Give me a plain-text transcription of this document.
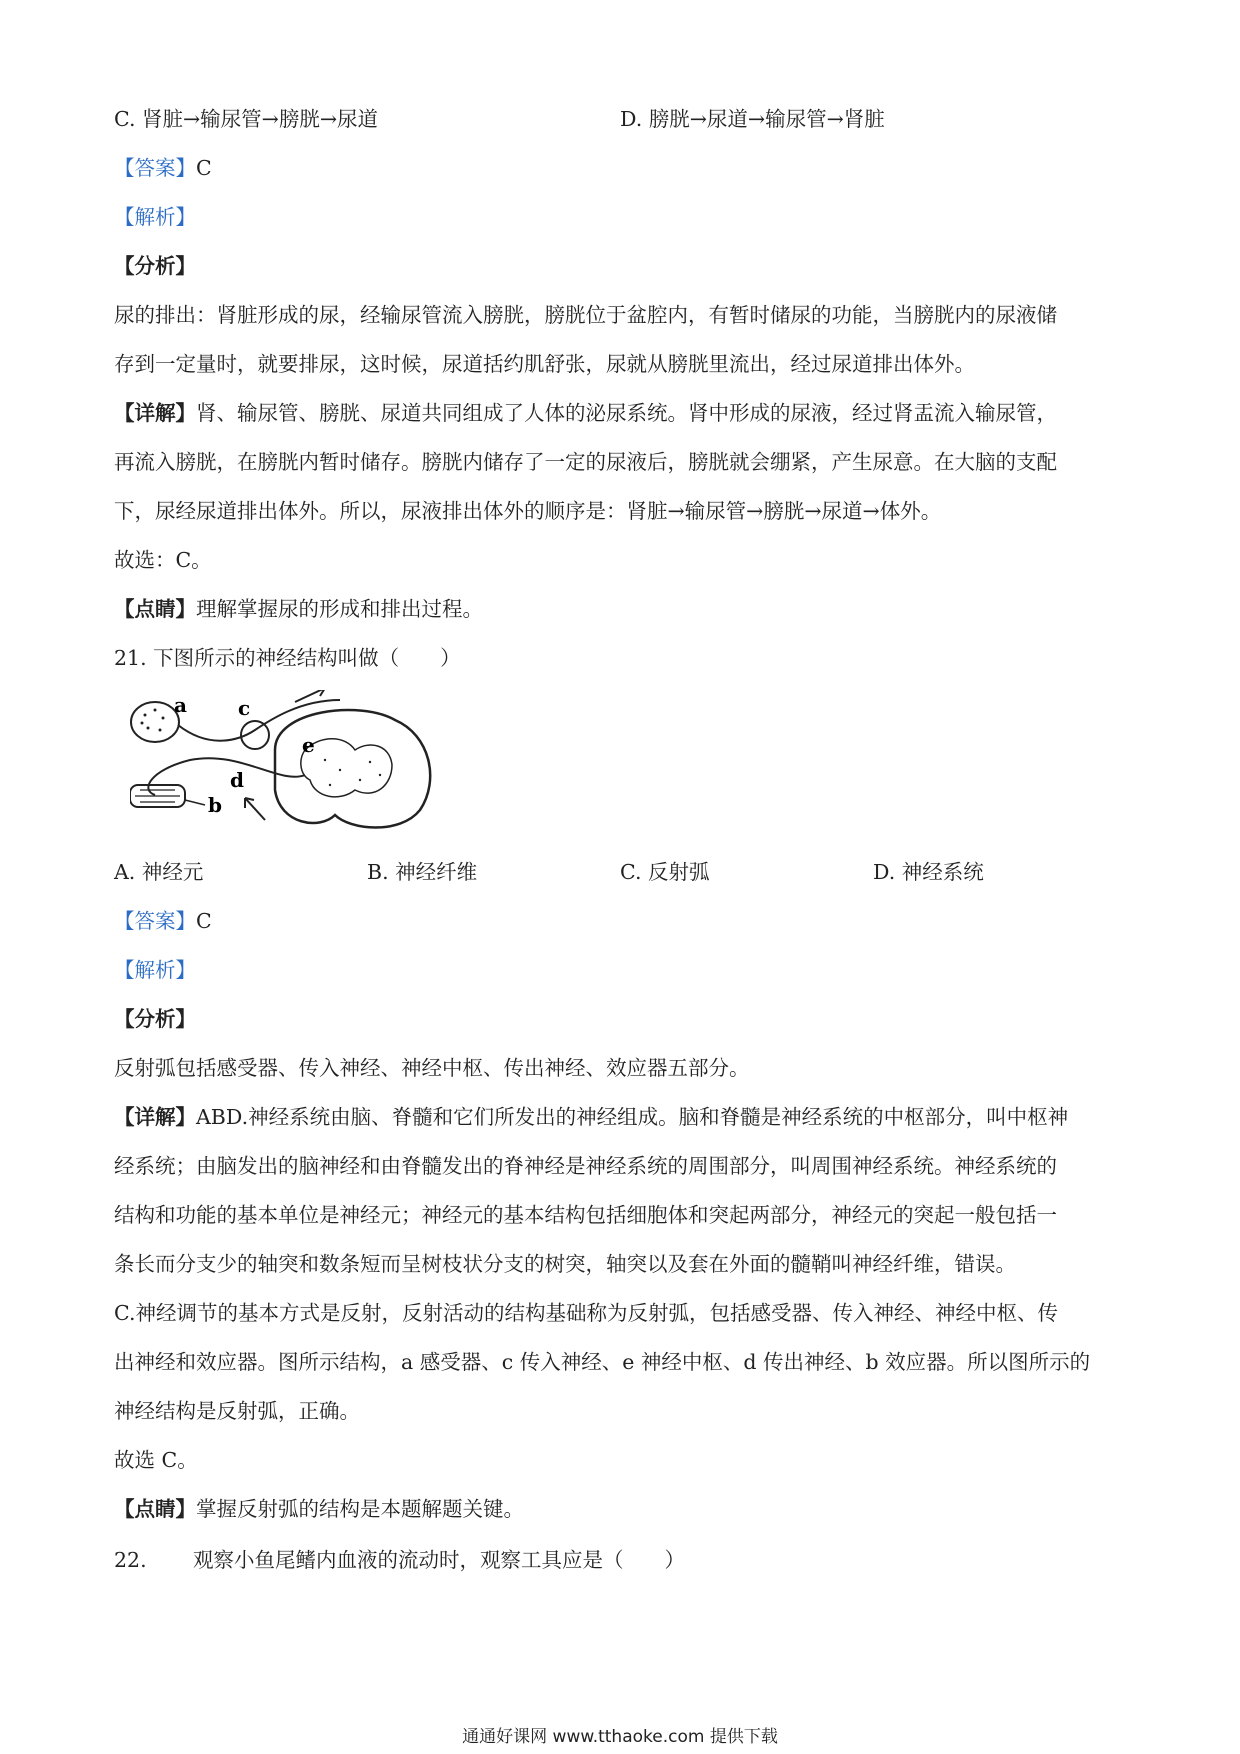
C. 肾脏→输尿管→膀胱→尿道	D. 膀胱→尿道→输尿管→肾脏
【答案】C
【解析】
【分析】
尿的排出：肾脏形成的尿，经输尿管流入膀胱，膀胱位于盆腔内，有暂时储尿的功能，当膀胱内的尿液储
存到一定量时，就要排尿，这时候，尿道括约肌舒张，尿就从膀胱里流出，经过尿道排出体外。
【详解】肾、输尿管、膀胱、尿道共同组成了人体的泌尿系统。肾中形成的尿液，经过肾盂流入输尿管，
再流入膀胱，在膀胱内暂时储存。膀胱内储存了一定的尿液后，膀胱就会绷紧，产生尿意。在大脑的支配
下，尿经尿道排出体外。所以，尿液排出体外的顺序是：肾脏→输尿管→膀胱→尿道→体外。
故选：C。
【点睛】理解掌握尿的形成和排出过程。
21. 下图所示的神经结构叫做（　　）
a
b
c
d
e
A. 神经元	B. 神经纤维	C. 反射弧	D. 神经系统
【答案】C
【解析】
【分析】
反射弧包括感受器、传入神经、神经中枢、传出神经、效应器五部分。
【详解】ABD.神经系统由脑、脊髓和它们所发出的神经组成。脑和脊髓是神经系统的中枢部分，叫中枢神
经系统；由脑发出的脑神经和由脊髓发出的脊神经是神经系统的周围部分，叫周围神经系统。神经系统的
结构和功能的基本单位是神经元；神经元的基本结构包括细胞体和突起两部分，神经元的突起一般包括一
条长而分支少的轴突和数条短而呈树枝状分支的树突，轴突以及套在外面的髓鞘叫神经纤维，错误。
C.神经调节的基本方式是反射，反射活动的结构基础称为反射弧，包括感受器、传入神经、神经中枢、传
出神经和效应器。图所示结构，a 感受器、c 传入神经、e 神经中枢、d 传出神经、b 效应器。所以图所示的
神经结构是反射弧，正确。
故选 C。
【点睛】掌握反射弧的结构是本题解题关键。
22. 观察小鱼尾鳍内血液的流动时，观察工具应是（　　）
通通好课网 www.tthaoke.com 提供下载
